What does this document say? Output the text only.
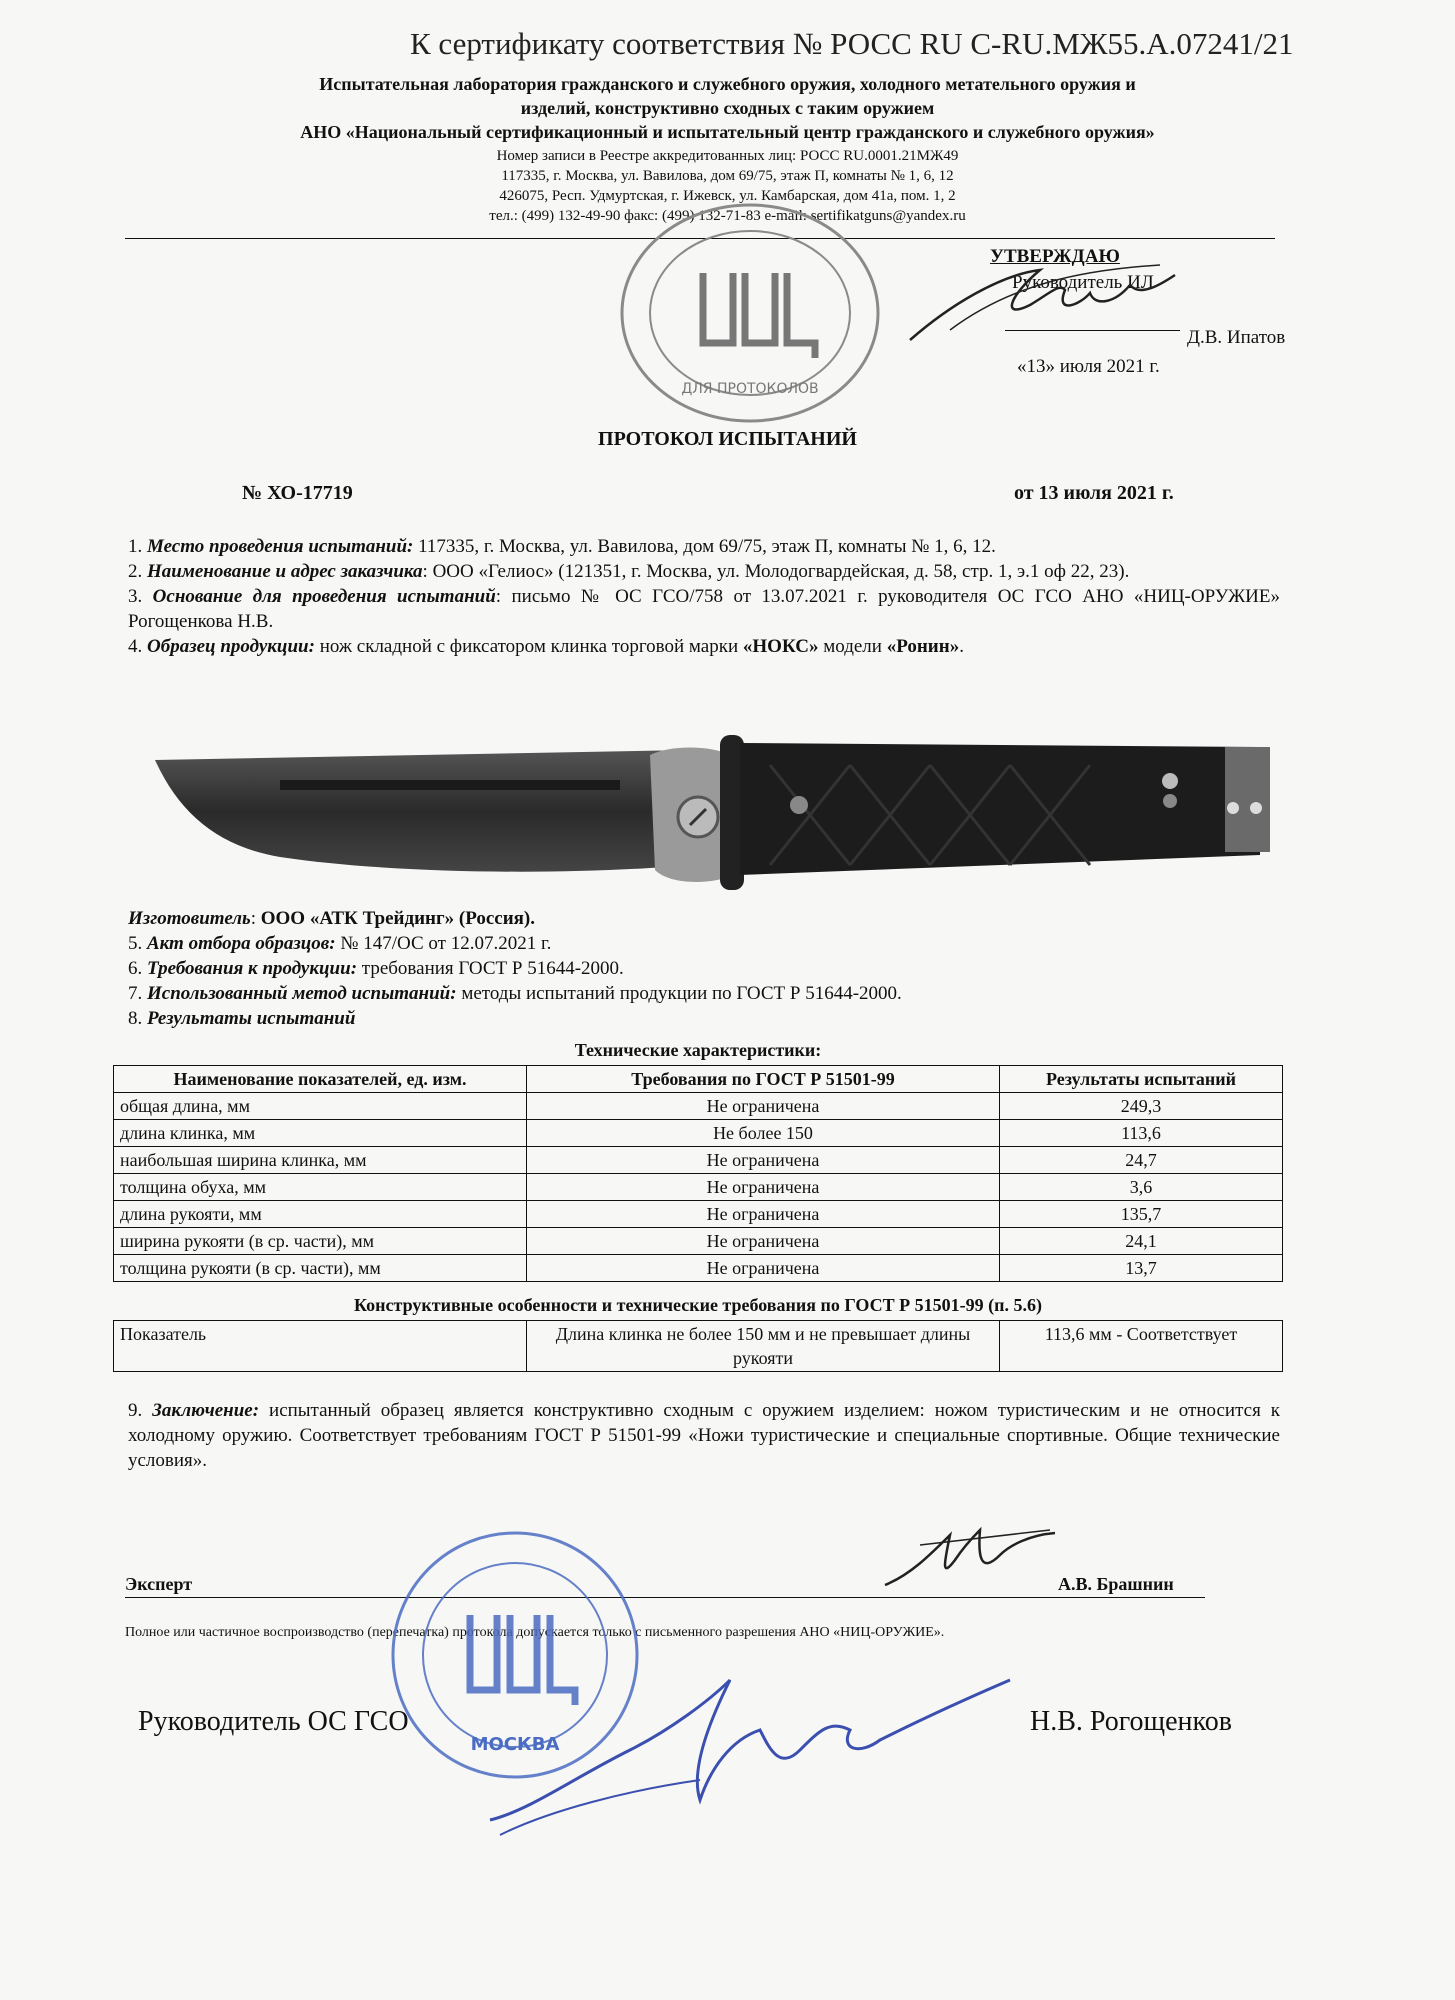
К сертификату соответствия № РОСС RU С-RU.МЖ55.А.07241/21
Испытательная лаборатория гражданского и служебного оружия, холодного метательного оружия и
изделий, конструктивно сходных с таким оружием
АНО «Национальный сертификационный и испытательный центр гражданского и служебного оружия»
Номер записи в Реестре аккредитованных лиц: РОСС RU.0001.21МЖ49
117335, г. Москва, ул. Вавилова, дом 69/75, этаж П, комнаты № 1, 6, 12
426075, Респ. Удмуртская, г. Ижевск, ул. Камбарская, дом 41а, пом. 1, 2
тел.: (499) 132-49-90 факс: (499) 132-71-83 e-mail: sertifikatguns@yandex.ru
ДЛЯ ПРОТОКОЛОВ
УТВЕРЖДАЮ
Руководитель ИЛ
Д.В. Ипатов
«13» июля 2021 г.
ПРОТОКОЛ ИСПЫТАНИЙ
№ ХО-17719	от 13 июля 2021 г.
1. Место проведения испытаний: 117335, г. Москва, ул. Вавилова, дом 69/75, этаж П, комнаты № 1, 6, 12.
2. Наименование и адрес заказчика: ООО «Гелиос» (121351, г. Москва, ул. Молодогвардейская, д. 58, стр. 1, э.1 оф 22, 23).
3. Основание для проведения испытаний: письмо № ОС ГСО/758 от 13.07.2021 г. руководителя ОС ГСО АНО «НИЦ-ОРУЖИЕ» Рогощенкова Н.В.
4. Образец продукции: нож складной с фиксатором клинка торговой марки «НОКС» модели «Ронин».
Изготовитель: ООО «АТК Трейдинг» (Россия).
5. Акт отбора образцов: № 147/ОС от 12.07.2021 г.
6. Требования к продукции: требования ГОСТ Р 51644-2000.
7. Использованный метод испытаний: методы испытаний продукции по ГОСТ Р 51644-2000.
8. Результаты испытаний
Технические характеристики:
Наименование показателей, ед. изм.	Требования по ГОСТ Р 51501-99	Результаты испытаний
общая длина, мм	Не ограничена	249,3
длина клинка, мм	Не более 150	113,6
наибольшая ширина клинка, мм	Не ограничена	24,7
толщина обуха, мм	Не ограничена	3,6
длина рукояти, мм	Не ограничена	135,7
ширина рукояти (в ср. части), мм	Не ограничена	24,1
толщина рукояти (в ср. части), мм	Не ограничена	13,7
Конструктивные особенности и технические требования по ГОСТ Р 51501-99 (п. 5.6)
Показатель	Длина клинка не более 150 мм и не превышает длины рукояти	113,6 мм - Соответствует
9. Заключение: испытанный образец является конструктивно сходным с оружием изделием: ножом туристическим и не относится к холодному оружию. Соответствует требованиям ГОСТ Р 51501-99 «Ножи туристические и специальные спортивные. Общие технические условия».
Эксперт	А.В. Брашнин
Полное или частичное воспроизводство (перепечатка) протокола допускается только с письменного разрешения АНО «НИЦ-ОРУЖИЕ».
МОСКВА
Руководитель ОС ГСО	Н.В. Рогощенков
